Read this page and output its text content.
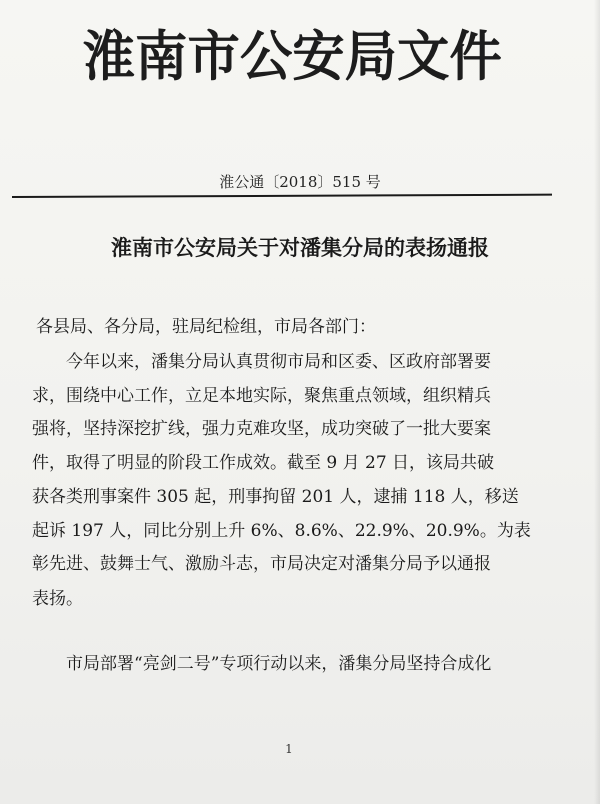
淮南市公安局文件
淮公通〔2018〕515 号
淮南市公安局关于对潘集分局的表扬通报
各县局、各分局，驻局纪检组，市局各部门：
今年以来，潘集分局认真贯彻市局和区委、区政府部署要
求，围绕中心工作，立足本地实际，聚焦重点领域，组织精兵
强将，坚持深挖扩线，强力克难攻坚，成功突破了一批大要案
件，取得了明显的阶段工作成效。截至 9 月 27 日，该局共破
获各类刑事案件 305 起，刑事拘留 201 人，逮捕 118 人，移送
起诉 197 人，同比分别上升 6%、8.6%、22.9%、20.9%。为表
彰先进、鼓舞士气、激励斗志，市局决定对潘集分局予以通报
表扬。
市局部署“亮剑二号”专项行动以来，潘集分局坚持合成化
1
